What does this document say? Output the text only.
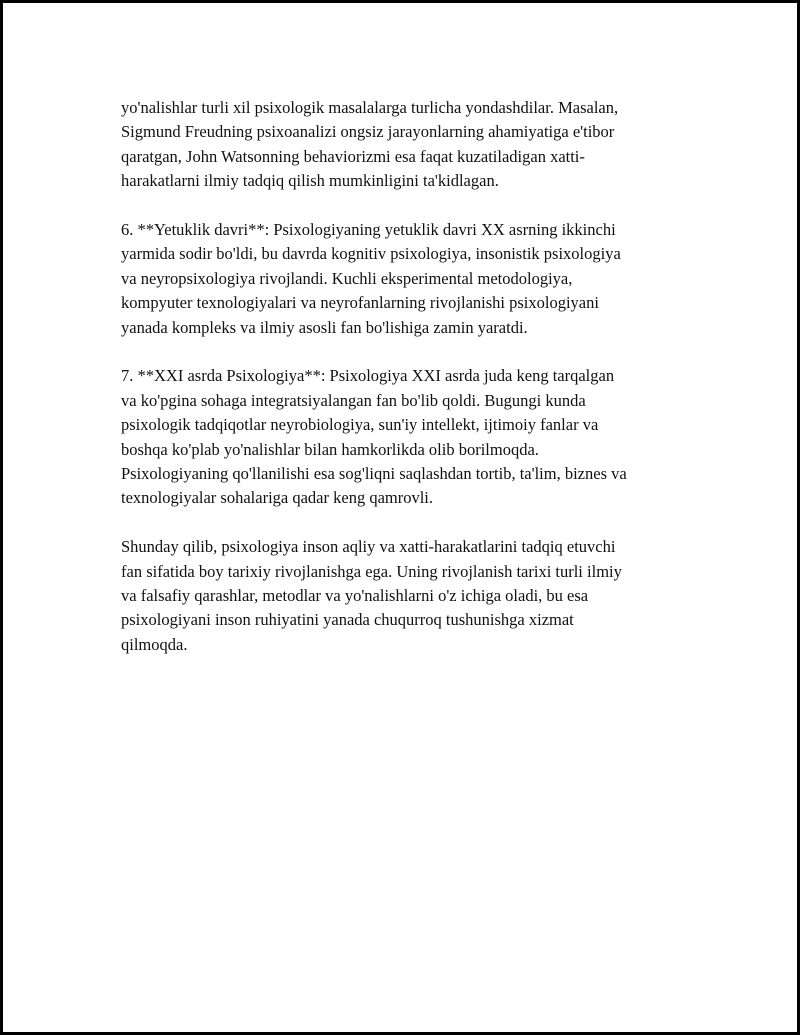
yo'nalishlar turli xil psixologik masalalarga turlicha yondashdilar. Masalan,
Sigmund Freudning psixoanalizi ongsiz jarayonlarning ahamiyatiga e'tibor
qaratgan, John Watsonning behaviorizmi esa faqat kuzatiladigan xatti-
harakatlarni ilmiy tadqiq qilish mumkinligini ta'kidlagan.

6. **Yetuklik davri**: Psixologiyaning yetuklik davri XX asrning ikkinchi
yarmida sodir bo'ldi, bu davrda kognitiv psixologiya, insonistik psixologiya
va neyropsixologiya rivojlandi. Kuchli eksperimental metodologiya,
kompyuter texnologiyalari va neyrofanlarning rivojlanishi psixologiyani
yanada kompleks va ilmiy asosli fan bo'lishiga zamin yaratdi.

7. **XXI asrda Psixologiya**: Psixologiya XXI asrda juda keng tarqalgan
va ko'pgina sohaga integratsiyalangan fan bo'lib qoldi. Bugungi kunda
psixologik tadqiqotlar neyrobiologiya, sun'iy intellekt, ijtimoiy fanlar va
boshqa ko'plab yo'nalishlar bilan hamkorlikda olib borilmoqda.
Psixologiyaning qo'llanilishi esa sog'liqni saqlashdan tortib, ta'lim, biznes va
texnologiyalar sohalariga qadar keng qamrovli.

Shunday qilib, psixologiya inson aqliy va xatti-harakatlarini tadqiq etuvchi
fan sifatida boy tarixiy rivojlanishga ega. Uning rivojlanish tarixi turli ilmiy
va falsafiy qarashlar, metodlar va yo'nalishlarni o'z ichiga oladi, bu esa
psixologiyani inson ruhiyatini yanada chuqurroq tushunishga xizmat
qilmoqda.
